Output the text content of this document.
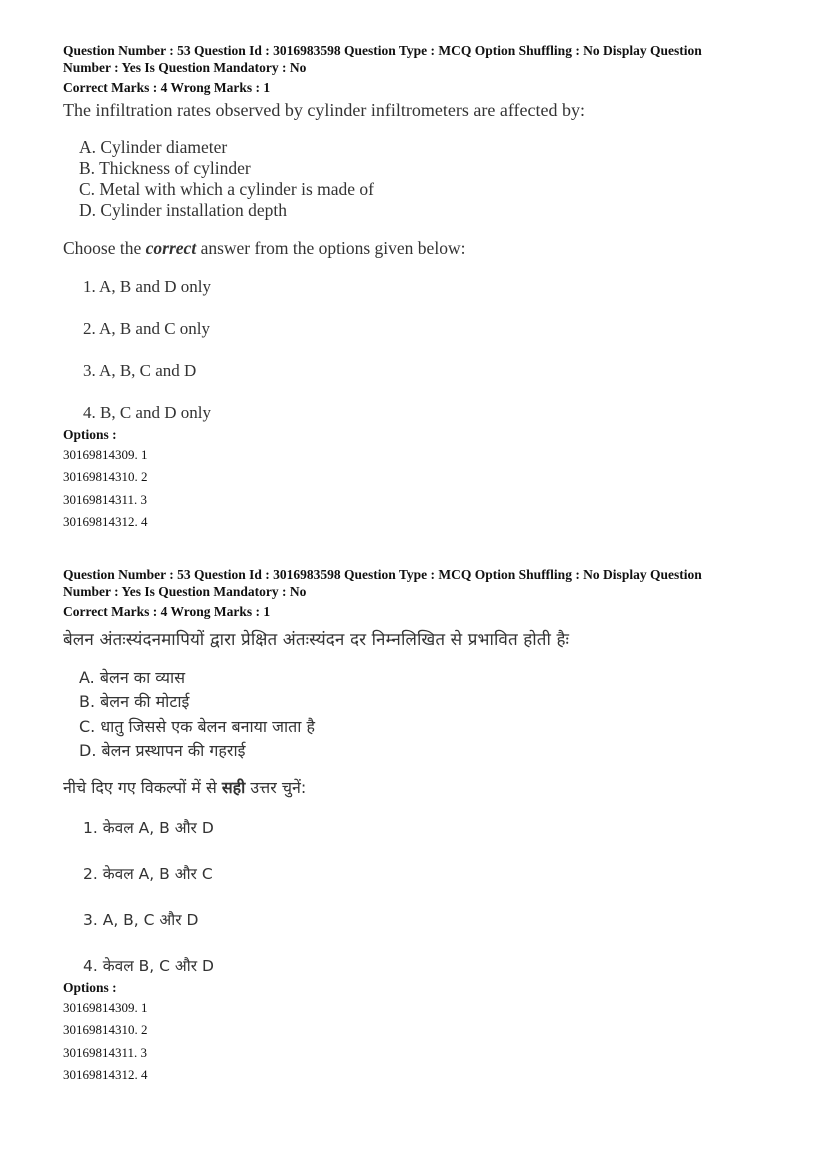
Question Number : 53 Question Id : 3016983598 Question Type : MCQ Option Shuffling : No Display Question
Number : Yes Is Question Mandatory : No
Correct Marks : 4 Wrong Marks : 1
The infiltration rates observed by cylinder infiltrometers are affected by:
A. Cylinder diameter
B. Thickness of cylinder
C. Metal with which a cylinder is made of
D. Cylinder installation depth
Choose the correct answer from the options given below:
1. A, B and D only
2. A, B and C only
3. A, B, C and D
4. B, C and D only
Options :
30169814309. 1
30169814310. 2
30169814311. 3
30169814312. 4
Question Number : 53 Question Id : 3016983598 Question Type : MCQ Option Shuffling : No Display Question
Number : Yes Is Question Mandatory : No
Correct Marks : 4 Wrong Marks : 1
बेलन अंतःस्यंदनमापियों द्वारा प्रेक्षित अंतःस्यंदन दर निम्नलिखित से प्रभावित होती हैः
A. बेलन का व्यास
B. बेलन की मोटाई
C. धातु जिससे एक बेलन बनाया जाता है
D. बेलन प्रस्थापन की गहराई
नीचे दिए गए विकल्पों में से सही उत्तर चुनें:
1. केवल A, B और D
2. केवल A, B और C
3. A, B, C और D
4. केवल B, C और D
Options :
30169814309. 1
30169814310. 2
30169814311. 3
30169814312. 4
